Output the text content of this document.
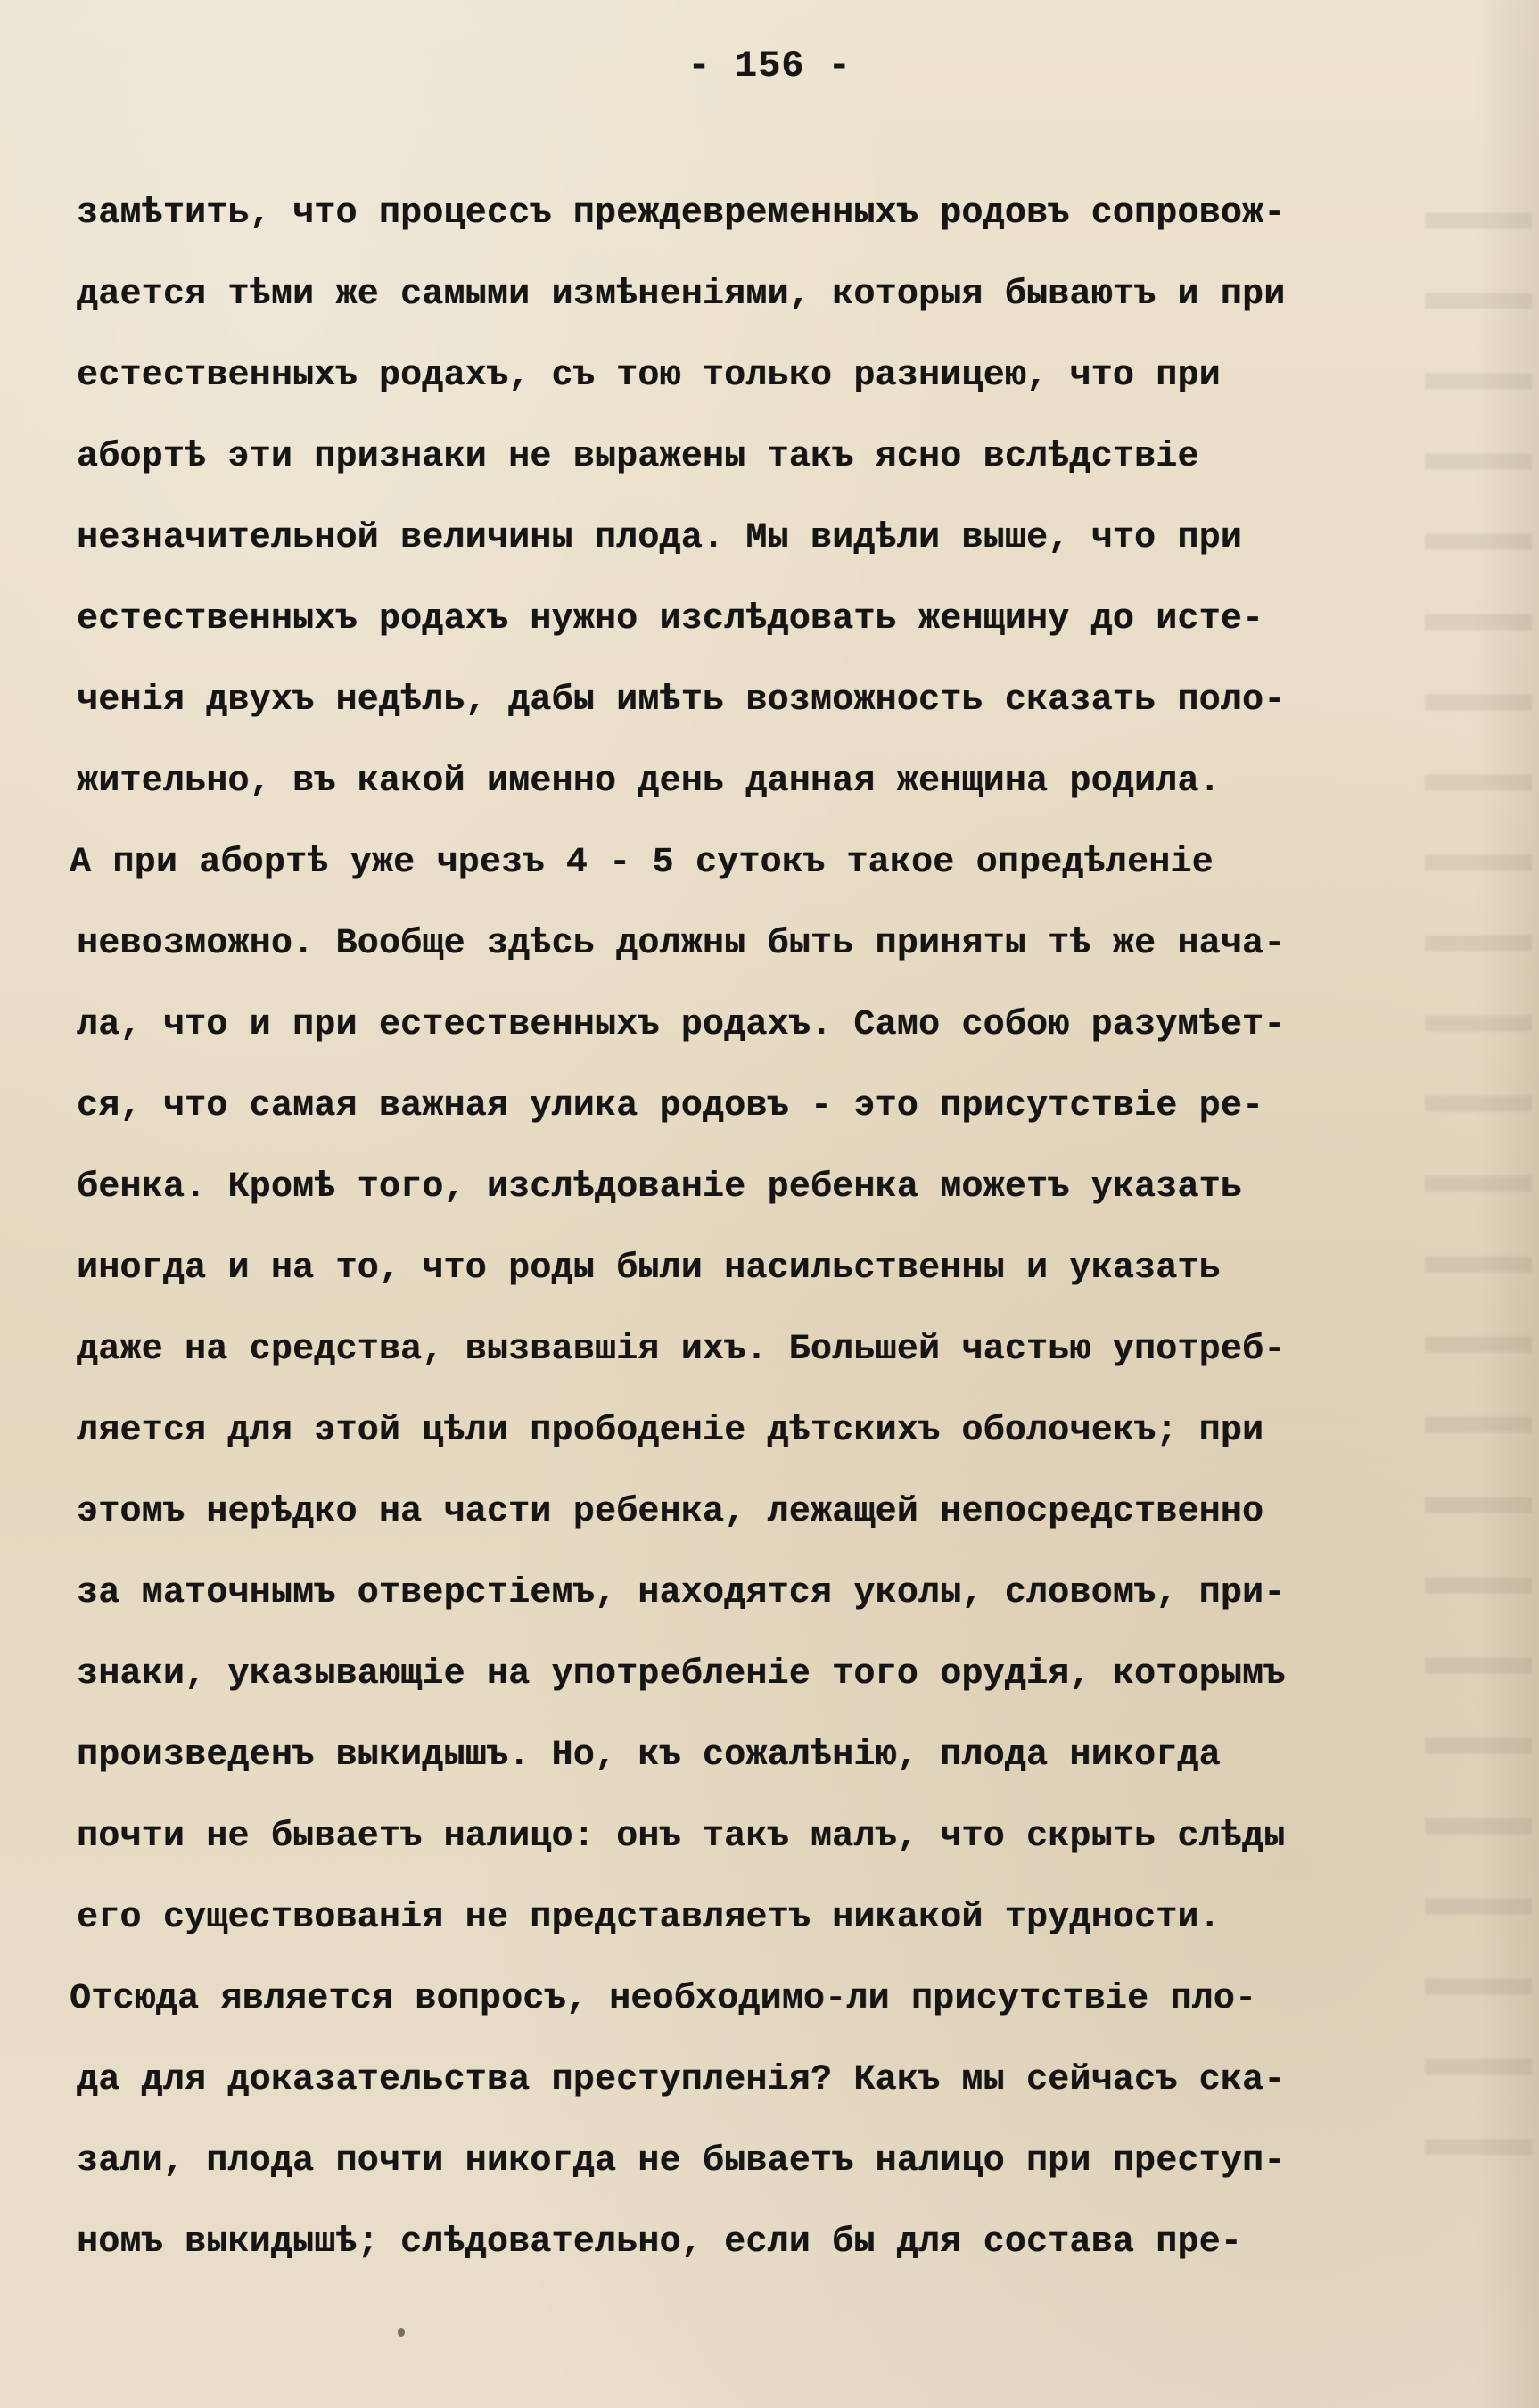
- 156 -
замѣтить, что процессъ преждевременныхъ родовъ сопровож-
дается тѣми же самыми измѣненiями, которыя бываютъ и при
естественныхъ родахъ, съ тою только разницею, что при
абортѣ эти признаки не выражены такъ ясно вслѣдствiе
незначительной величины плода. Мы видѣли выше, что при
естественныхъ родахъ нужно изслѣдовать женщину до исте-
ченiя двухъ недѣль, дабы имѣть возможность сказать поло-
жительно, въ какой именно день данная женщина родила.
А при абортѣ уже чрезъ 4 - 5 сутокъ такое опредѣленiе
невозможно. Вообще здѣсь должны быть приняты тѣ же нача-
ла, что и при естественныхъ родахъ. Само собою разумѣет-
ся, что самая важная улика родовъ - это присутствiе ре-
бенка. Кромѣ того, изслѣдованiе ребенка можетъ указать
иногда и на то, что роды были насильственны и указать
даже на средства, вызвавшiя ихъ. Большей частью употреб-
ляется для этой цѣли прободенiе дѣтскихъ оболочекъ; при
этомъ нерѣдко на части ребенка, лежащей непосредственно
за маточнымъ отверстiемъ, находятся уколы, словомъ, при-
знаки, указывающiе на употребленiе того орудiя, которымъ
произведенъ выкидышъ. Но, къ сожалѣнiю, плода никогда
почти не бываетъ налицо: онъ такъ малъ, что скрыть слѣды
его существованiя не представляетъ никакой трудности.
Отсюда является вопросъ, необходимо-ли присутствiе пло-
да для доказательства преступленiя? Какъ мы сейчасъ ска-
зали, плода почти никогда не бываетъ налицо при преступ-
номъ выкидышѣ; слѣдовательно, если бы для состава пре-
